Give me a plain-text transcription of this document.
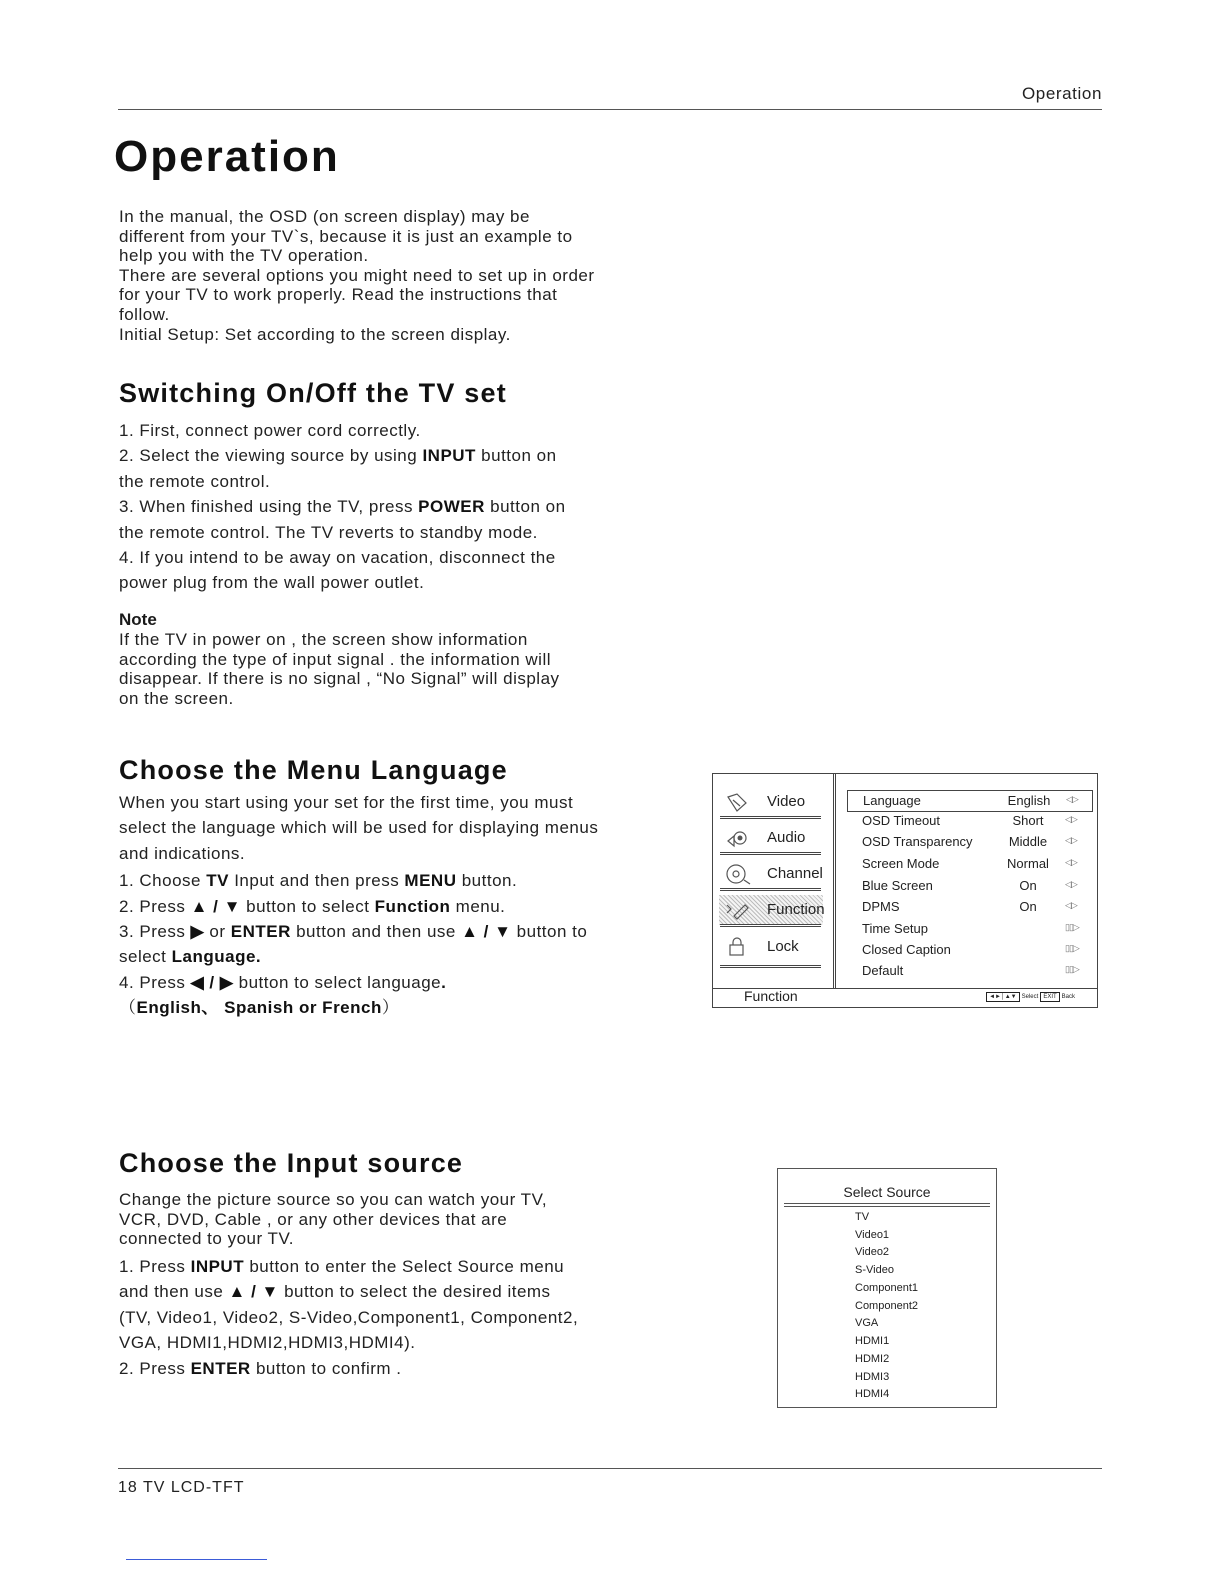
Operation
Operation
In the manual, the OSD (on screen display) may be
different from your TV`s, because it is just an example to
help you with the TV operation.
There are several options you might need to set up in order
for your TV to work properly. Read the instructions that
follow.
Initial Setup: Set according to the screen display.
Switching On/Off the TV set
1. First, connect power cord correctly.
2. Select the viewing source by using INPUT button on
the remote control.
3. When finished using the TV, press POWER button on
the remote control. The TV reverts to standby mode.
4. If you intend to be away on vacation, disconnect the
power plug from the wall power outlet.
Note
If the TV in power on , the screen show information
according the type of input signal . the information will
disappear. If there is no signal , “No Signal” will display
on the screen.
Choose the Menu Language
When you start using your set for the first time, you must
select the language which will be used for displaying menus
and indications.
1. Choose TV Input and then press MENU button.
2. Press ▲ / ▼ button to select Function menu.
3. Press ▶ or ENTER button and then use ▲ / ▼ button to
select Language.
4. Press ◀ / ▶ button to select language.
（English、 Spanish or French）
Video
Audio
Channel
Function
Lock
Language	English	◁▷
OSD Timeout	Short	◁▷
OSD Transparency	Middle	◁▷
Screen Mode	Normal	◁▷
Blue Screen	On	◁▷
DPMS	On	◁▷
Time Setup	▯▯▷
Closed Caption	▯▯▷
Default	▯▯▷
Function	◄►│▲▼ Select EXIT Back
Choose the Input source
Change the picture source so you can watch your TV,
VCR, DVD, Cable , or any other devices that are
connected to your TV.
1. Press INPUT button to enter the Select Source menu
and then use ▲ / ▼ button to select the desired items
(TV, Video1, Video2, S-Video,Component1, Component2,
VGA, HDMI1,HDMI2,HDMI3,HDMI4).
2. Press ENTER button to confirm .
Select Source
TV
Video1
Video2
S-Video
Component1
Component2
VGA
HDMI1
HDMI2
HDMI3
HDMI4
18 TV LCD-TFT
